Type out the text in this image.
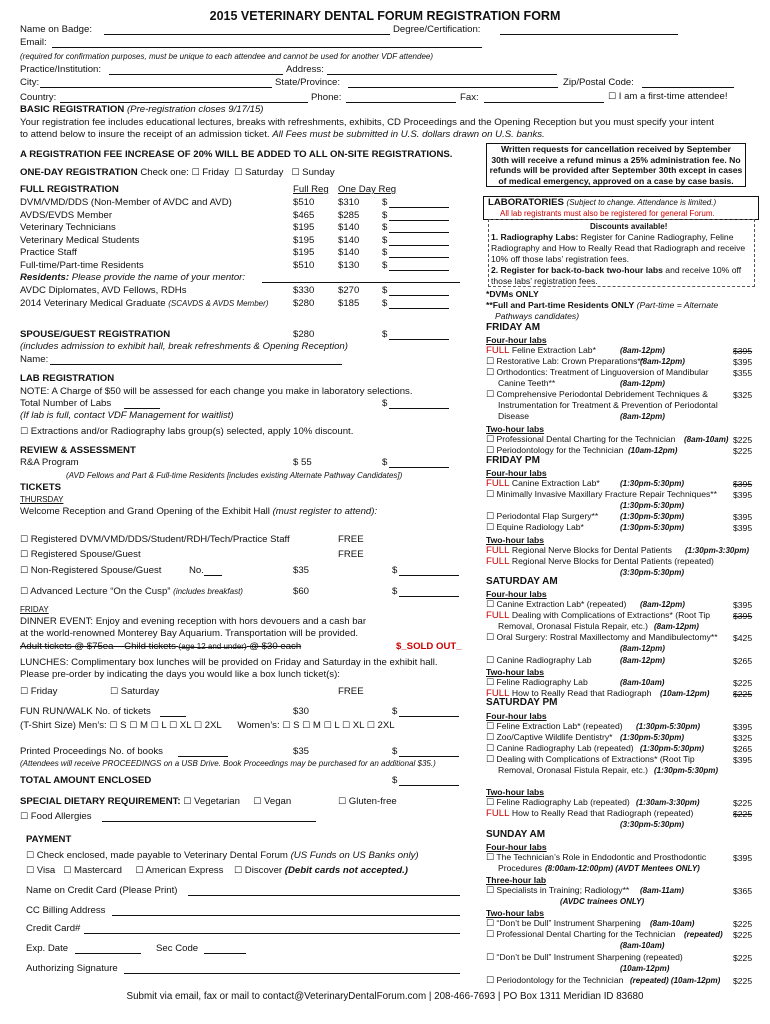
2015 VETERINARY DENTAL FORUM REGISTRATION FORM
Name on Badge:	Degree/Certification:
Email:
(required for confirmation purposes, must be unique to each attendee and cannot be used for another VDF attendee)
Practice/Institution:	Address:
City:	State/Province:	Zip/Postal Code:
Country:	Phone:	Fax:	☐ I am a first-time attendee!
BASIC REGISTRATION (Pre-registration closes 9/17/15)
Your registration fee includes educational lectures, breaks with refreshments, exhibits, CD Proceedings and the Opening Reception but you must specify your intent
to attend below to insure the receipt of an admission ticket. All Fees must be submitted in U.S. dollars drawn on U.S. banks.
A REGISTRATION FEE INCREASE OF 20% WILL BE ADDED TO ALL ON-SITE REGISTRATIONS.
ONE-DAY REGISTRATION Check one: ☐ Friday ☐ Saturday ☐ Sunday
Written requests for cancellation received by September
30th will receive a refund minus a 25% administration fee. No
refunds will be provided after September 30th except in cases
of medical emergency, approved on a case by case basis.
FULL REGISTRATION	Full Reg One Day Reg
DVM/VMD/DDS (Non-Member of AVDC and AVD)	$510 $310 $
AVDS/EVDS Member	$465 $285 $
Veterinary Technicians	$195 $140 $
Veterinary Medical Students	$195 $140 $
Practice Staff	$195 $140 $
Full-time/Part-time Residents	$510 $130 $
Residents: Please provide the name of your mentor:
AVDC Diplomates, AVD Fellows, RDHs	$330 $270 $
2014 Veterinary Medical Graduate (SCAVDS & AVDS Member)	$280 $185 $
SPOUSE/GUEST REGISTRATION	$280	$
(includes admission to exhibit hall, break refreshments & Opening Reception)
Name:
LAB REGISTRATION
NOTE: A Charge of $50 will be assessed for each change you make in laboratory selections.
Total Number of Labs	$
(If lab is full, contact VDF Management for waitlist)
☐ Extractions and/or Radiography labs group(s) selected, apply 10% discount.
REVIEW & ASSESSMENT
R&A Program	$ 55	$
(AVD Fellows and Part & Full-time Residents [includes existing Alternate Pathway Candidates])
TICKETS
THURSDAY
Welcome Reception and Grand Opening of the Exhibit Hall (must register to attend):
☐ Registered DVM/VMD/DDS/Student/RDH/Tech/Practice Staff	FREE
☐ Registered Spouse/Guest	FREE
☐ Non-Registered Spouse/Guest	No.	$35	$
☐ Advanced Lecture “On the Cusp” (includes breakfast)	$60	$
FRIDAY
DINNER EVENT: Enjoy and evening reception with hors devouers and a cash bar
at the world-renowned Monterey Bay Aquarium. Transportation will be provided.
Adult tickets @ $75ea Child tickets (age 12 and under) @ $30 each	$_SOLD OUT_
LUNCHES: Complimentary box lunches will be provided on Friday and Saturday in the exhibit hall.
Please pre-order by indicating the days you would like a box lunch ticket(s):
☐ Friday	☐ Saturday	FREE
FUN RUN/WALK No. of tickets	$30	$
(T-Shirt Size) Men’s: ☐ S ☐ M ☐ L ☐ XL ☐ 2XL Women’s: ☐ S ☐ M ☐ L ☐ XL ☐ 2XL
Printed Proceedings No. of books	$35	$
(Attendees will receive PROCEEDINGS on a USB Drive. Book Proceedings may be purchased for an additional $35.)
TOTAL AMOUNT ENCLOSED	$
SPECIAL DIETARY REQUIREMENT: ☐ Vegetarian ☐ Vegan	☐ Gluten-free
☐ Food Allergies
PAYMENT
☐ Check enclosed, made payable to Veterinary Dental Forum (US Funds on US Banks only)
☐ Visa ☐ Mastercard ☐ American Express ☐ Discover (Debit cards not accepted.)
Name on Credit Card (Please Print)
CC Billing Address
Credit Card#
Exp. Date	Sec Code
Authorizing Signature
LABORATORIES (Subject to change. Attendance is limited.)
All lab registrants must also be registered for general Forum.
Discounts available!
1. Radiography Labs: Register for Canine Radiography, Feline
Radiography and How to Really Read that Radiograph and receive
10% off those labs’ registration fees.
2. Register for back-to-back two-hour labs and receive 10% off
those labs’ registration fees.
*DVMs ONLY
**Full and Part-time Residents ONLY (Part-time = Alternate
Pathways candidates)
FRIDAY AM
Four-hour labs
FULL Feline Extraction Lab*	(8am-12pm)	$395
☐ Restorative Lab: Crown Preparations**
(8am-12pm)	$395
☐ Orthodontics: Treatment of Linguoversion of Mandibular	$355
Canine Teeth**	(8am-12pm)
☐ Comprehensive Periodontal Debridement Techniques &	$325
Instrumentation for Treatment & Prevention of Periodontal
Disease	(8am-12pm)
Two-hour labs
☐ Professional Dental Charting for the Technician (8am-10am) $225
☐ Periodontology for the Technician (10am-12pm)	$225
FRIDAY PM
Four-hour labs
FULL Canine Extraction Lab*	(1:30pm-5:30pm)	$395
☐ Minimally Invasive Maxillary Fracture Repair Techniques** $395
(1:30pm-5:30pm)
☐ Periodontal Flap Surgery**	(1:30pm-5:30pm)	$395
☐ Equine Radiology Lab*	(1:30pm-5:30pm)	$395
Two-hour labs
FULL Regional Nerve Blocks for Dental Patients (1:30pm-3:30pm)
FULL Regional Nerve Blocks for Dental Patients (repeated)
(3:30pm-5:30pm)
SATURDAY AM
Four-hour labs
☐ Canine Extraction Lab* (repeated) (8am-12pm)	$395
FULL Dealing with Complications of Extractions* (Root Tip	$395
Removal, Oronasal Fistula Repair, etc.) (8am-12pm)
☐ Oral Surgery: Rostral Maxillectomy and Mandibulectomy** $425
(8am-12pm)
☐ Canine Radiography Lab	(8am-12pm)	$265
Two-hour labs
☐ Feline Radiography Lab	(8am-10am)	$225
FULL How to Really Read that Radiograph (10am-12pm)	$225
SATURDAY PM
Four-hour labs
☐ Feline Extraction Lab* (repeated) (1:30pm-5:30pm)	$395
☐ Zoo/Captive Wildlife Dentistry* (1:30pm-5:30pm)	$325
☐ Canine Radiography Lab (repeated) (1:30pm-5:30pm)	$265
☐ Dealing with Complications of Extractions* (Root Tip	$395
Removal, Oronasal Fistula Repair, etc.) (1:30pm-5:30pm)
Two-hour labs
☐ Feline Radiography Lab (repeated) (1:30am-3:30pm)	$225
FULL How to Really Read that Radiograph (repeated)	$225
(3:30pm-5:30pm)
SUNDAY AM
Four-hour labs
☐ The Technician’s Role in Endodontic and Prosthodontic	$395
Procedures (8:00am-12:00pm) (AVDT Mentees ONLY)
Three-hour lab
☐ Specialists in Training; Radiology** (8am-11am)	$365
(AVDC trainees ONLY)
Two-hour labs
☐ “Don’t be Dull” Instrument Sharpening (8am-10am)	$225
☐ Professional Dental Charting for the Technician (repeated) $225
(8am-10am)
☐ “Don’t be Dull” Instrument Sharpening (repeated)	$225
(10am-12pm)
☐ Periodontology for the Technician (repeated) (10am-12pm) $225
Submit via email, fax or mail to contact@VeterinaryDentalForum.com | 208-466-7693 | PO Box 1311 Meridian ID 83680
